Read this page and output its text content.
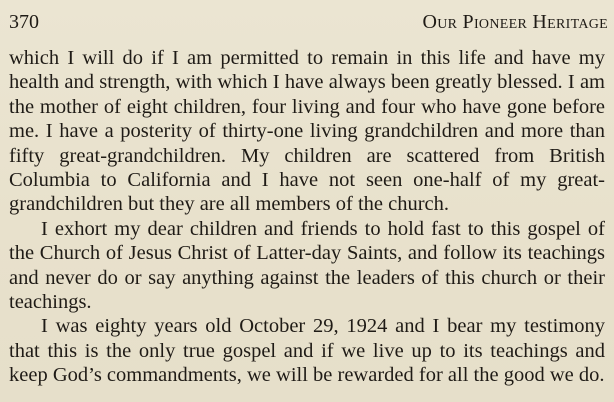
370	Our Pioneer Heritage

which I will do if I am permitted to remain in this life and have my health and strength, with which I have always been greatly blessed. I am the mother of eight children, four living and four who have gone before me. I have a posterity of thirty-one living grandchildren and more than fifty great-grandchildren. My children are scattered from British Columbia to California and I have not seen one-half of my great-grandchildren but they are all members of the church.

I exhort my dear children and friends to hold fast to this gospel of the Church of Jesus Christ of Latter-day Saints, and follow its teachings and never do or say anything against the leaders of this church or their teachings.

I was eighty years old October 29, 1924 and I bear my testimony that this is the only true gospel and if we live up to its teachings and keep God’s commandments, we will be rewarded for all the good we do.
